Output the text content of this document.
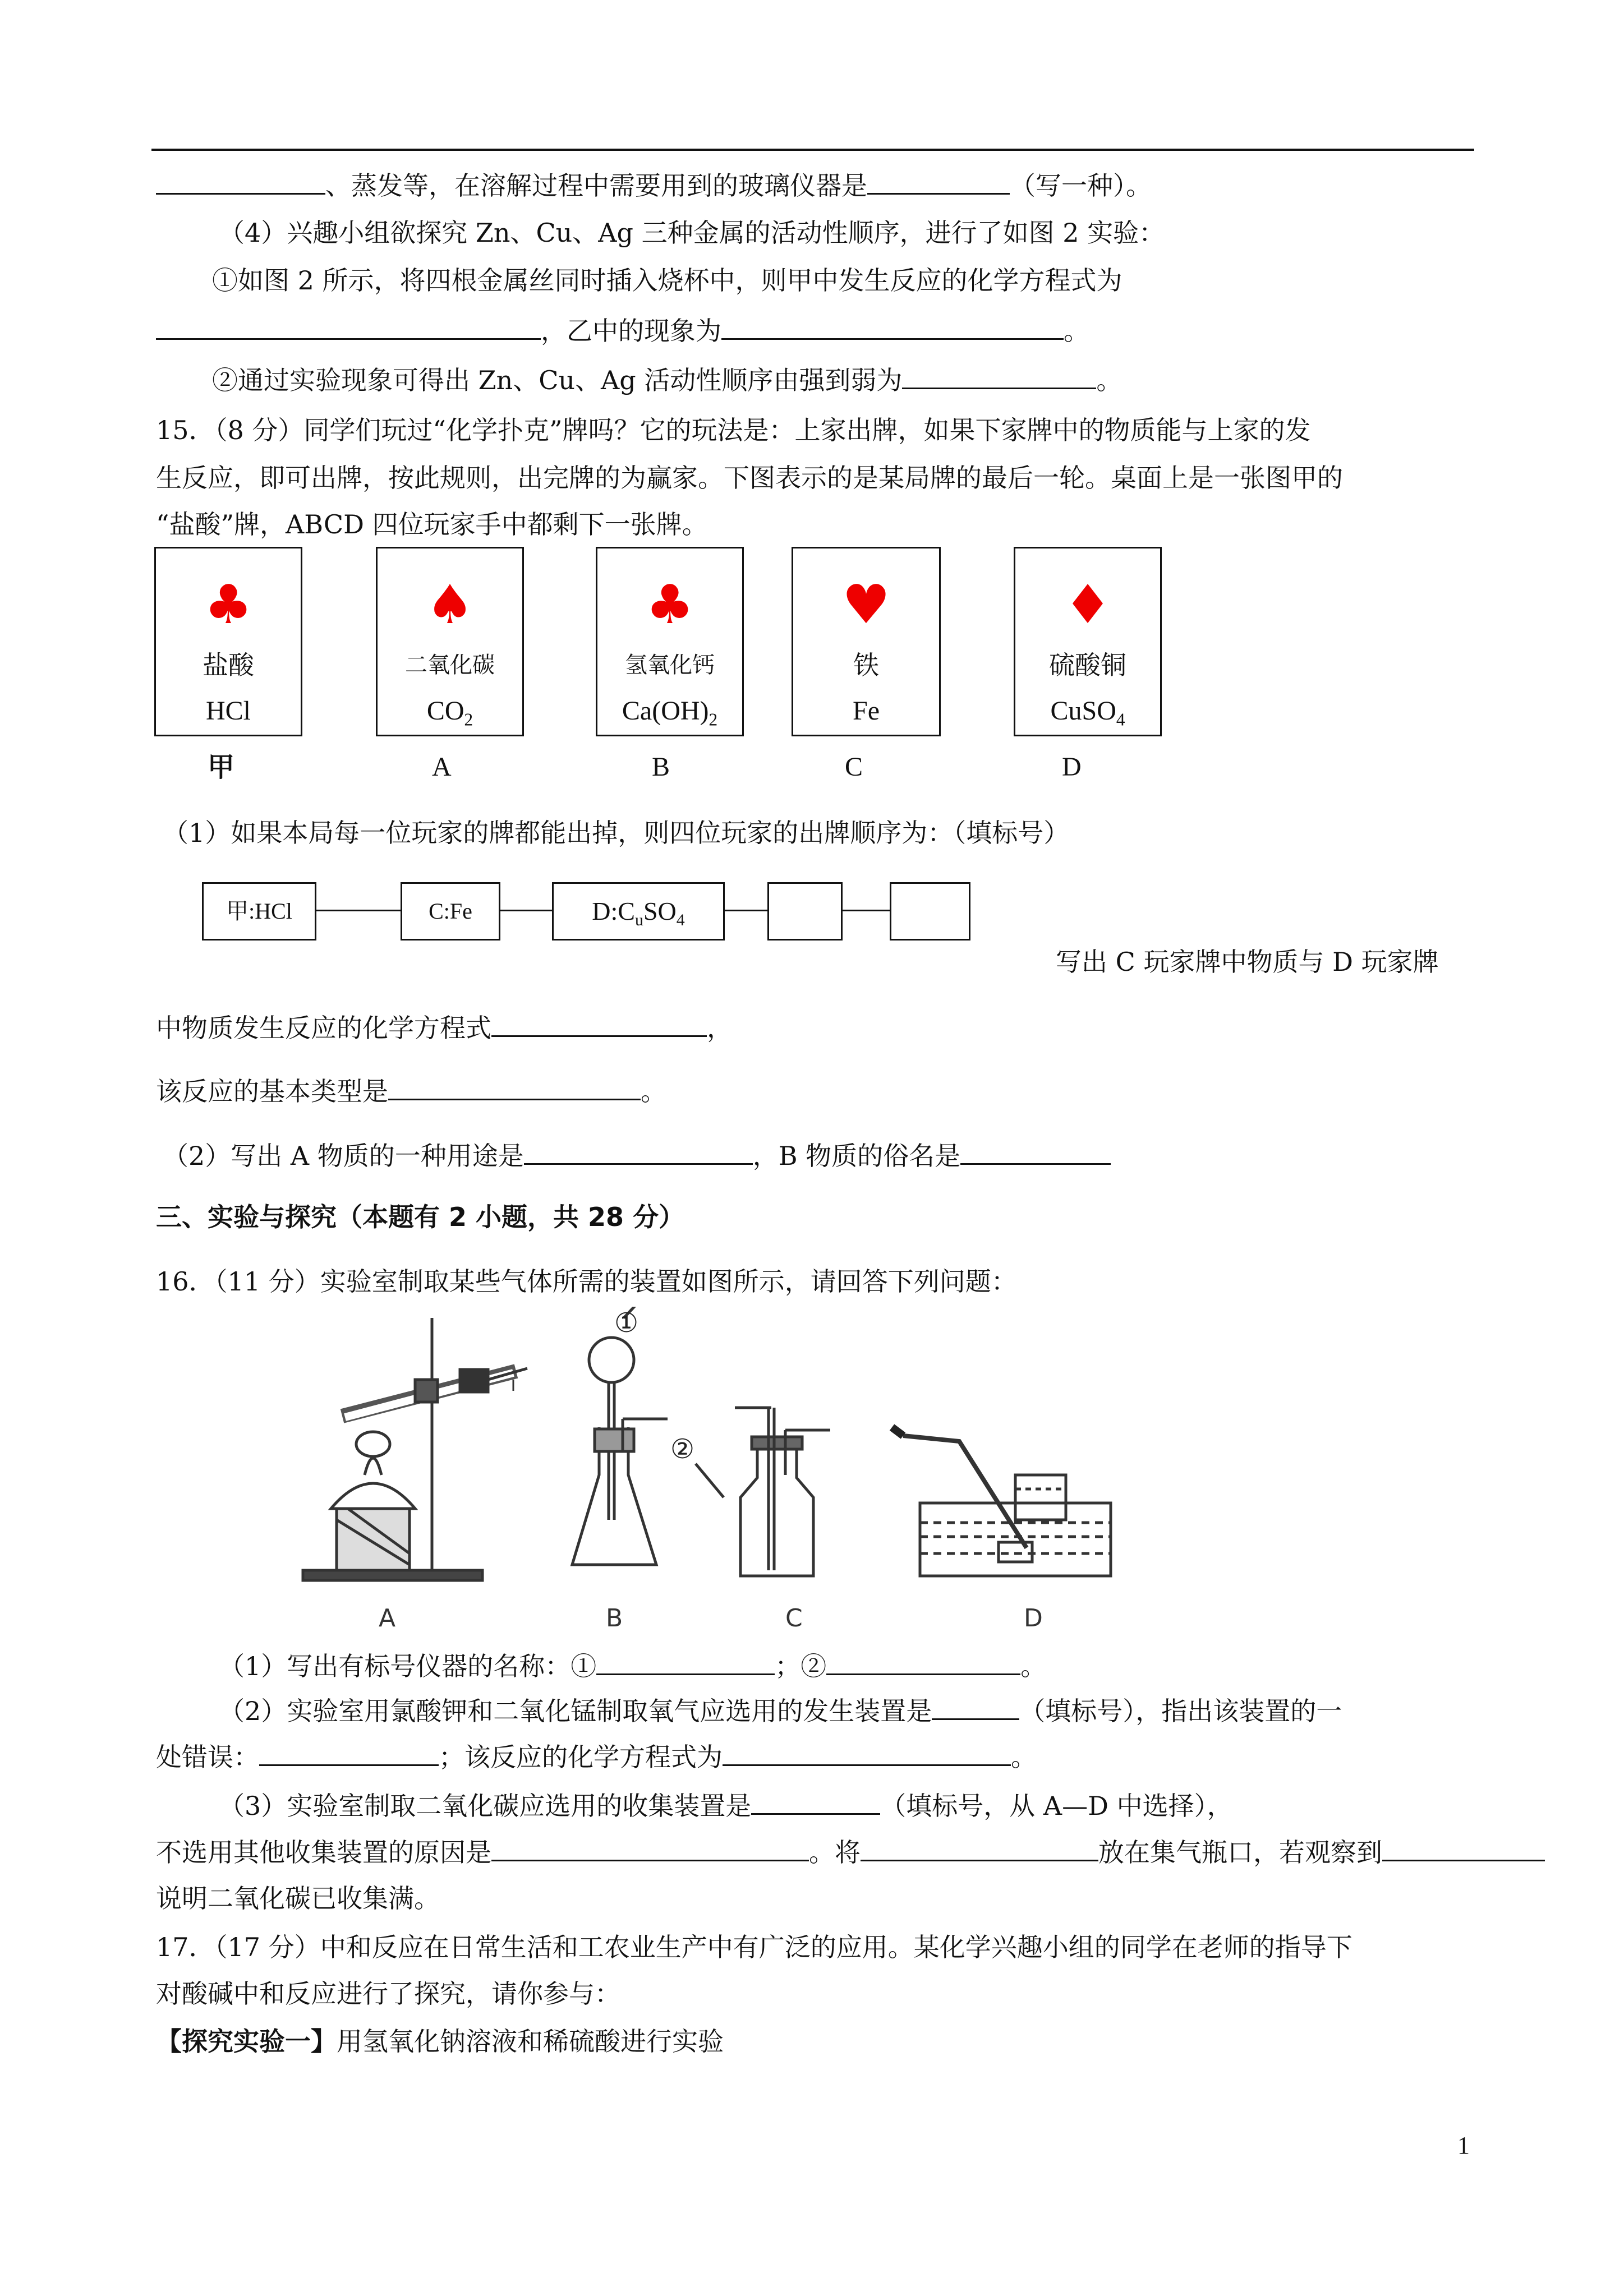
、蒸发等，在溶解过程中需要用到的玻璃仪器是	（写一种）。
（4）兴趣小组欲探究 Zn、Cu、Ag 三种金属的活动性顺序，进行了如图 2 实验：
①如图 2 所示，将四根金属丝同时插入烧杯中，则甲中发生反应的化学方程式为
，乙中的现象为	。
②通过实验现象可得出 Zn、Cu、Ag 活动性顺序由强到弱为	。
15．（8 分）同学们玩过“化学扑克”牌吗？它的玩法是：上家出牌，如果下家牌中的物质能与上家的发
生反应，即可出牌，按此规则，出完牌的为赢家。下图表示的是某局牌的最后一轮。桌面上是一张图甲的
“盐酸”牌，ABCD 四位玩家手中都剩下一张牌。
♣
盐酸
HCl
♠
二氧化碳
$CO_2$
♣
氢氧化钙
$Ca(OH)_2$
♥
铁
Fe
♦
硫酸铜
CuSO$_4$
甲	A	B	C	D
（1）如果本局每一位玩家的牌都能出掉，则四位玩家的出牌顺序为：（填标号）
甲:HCl	C:Fe	$D:C_uSO_4$
写出 C 玩家牌中物质与 D 玩家牌
中物质发生反应的化学方程式	，
该反应的基本类型是	。
（2）写出 A 物质的一种用途是	，B 物质的俗名是
三、实验与探究（本题有 2 小题，共 28 分）
16．（11 分）实验室制取某些气体所需的装置如图所示，请回答下列问题：
A	B	C	D
①
②
（1）写出有标号仪器的名称：①	；②	。
（2）实验室用氯酸钾和二氧化锰制取氧气应选用的发生装置是	（填标号），指出该装置的一
处错误：	；该反应的化学方程式为	。
（3）实验室制取二氧化碳应选用的收集装置是	（填标号，从 A—D 中选择），
不选用其他收集装置的原因是	。将	放在集气瓶口，若观察到
说明二氧化碳已收集满。
17．（17 分）中和反应在日常生活和工农业生产中有广泛的应用。某化学兴趣小组的同学在老师的指导下
对酸碱中和反应进行了探究，请你参与：
【探究实验一】用氢氧化钠溶液和稀硫酸进行实验
1
